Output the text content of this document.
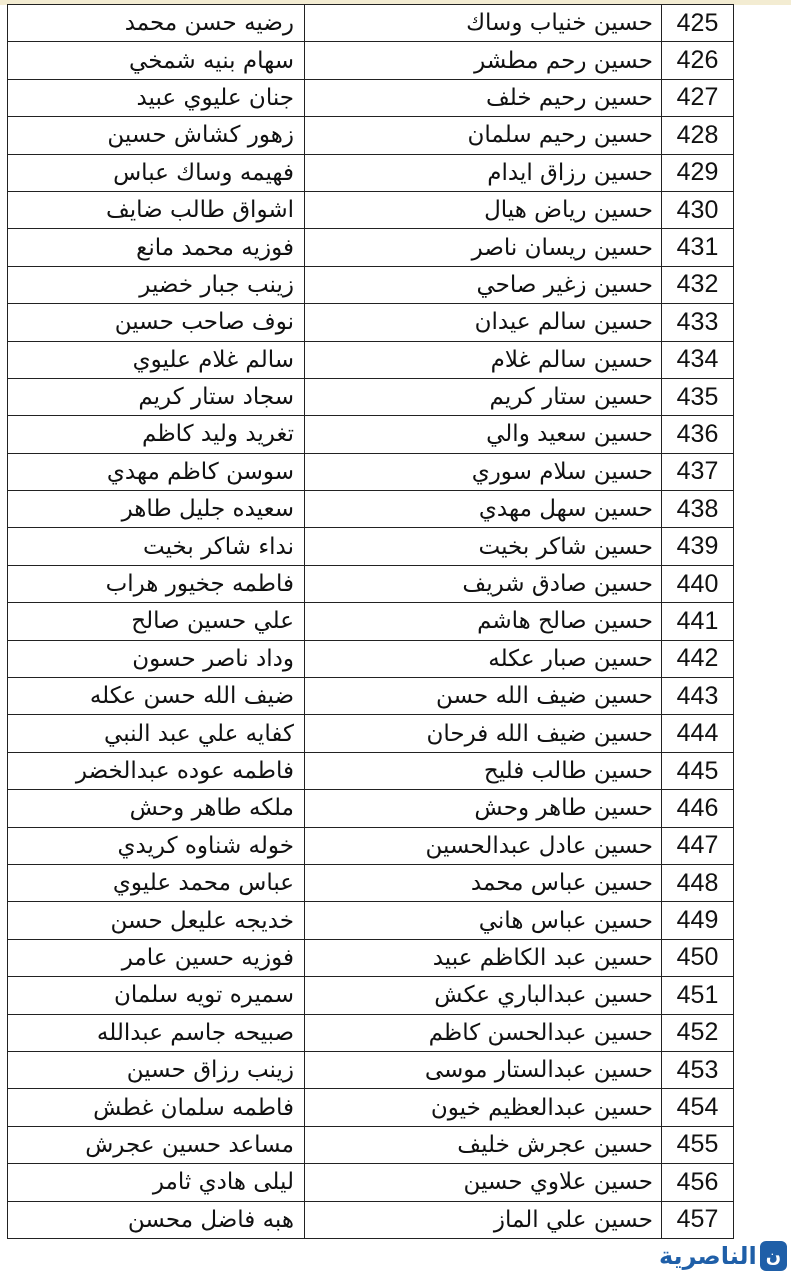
رضيه حسن محمد	حسين خنياب وساك	425
سهام بنيه شمخي	حسين رحم مطشر	426
جنان عليوي عبيد	حسين رحيم خلف	427
زهور كشاش حسين	حسين رحيم سلمان	428
فهيمه وساك عباس	حسين رزاق ايدام	429
اشواق طالب ضايف	حسين رياض هيال	430
فوزيه محمد مانع	حسين ريسان ناصر	431
زينب جبار خضير	حسين زغير صاحي	432
نوف صاحب حسين	حسين سالم عيدان	433
سالم غلام عليوي	حسين سالم غلام	434
سجاد ستار كريم	حسين ستار كريم	435
تغريد وليد كاظم	حسين سعيد والي	436
سوسن كاظم مهدي	حسين سلام سوري	437
سعيده جليل طاهر	حسين سهل مهدي	438
نداء شاكر بخيت	حسين شاكر بخيت	439
فاطمه جخيور هراب	حسين صادق شريف	440
علي حسين صالح	حسين صالح هاشم	441
وداد ناصر حسون	حسين صبار عكله	442
ضيف الله حسن عكله	حسين ضيف الله حسن	443
كفايه علي عبد النبي	حسين ضيف الله فرحان	444
فاطمه عوده عبدالخضر	حسين طالب فليح	445
ملكه طاهر وحش	حسين طاهر وحش	446
خوله شناوه كريدي	حسين عادل عبدالحسين	447
عباس محمد عليوي	حسين عباس محمد	448
خديجه عليعل حسن	حسين عباس هاني	449
فوزيه حسين عامر	حسين عبد الكاظم عبيد	450
سميره تويه سلمان	حسين عبدالباري عكش	451
صبيحه جاسم عبدالله	حسين عبدالحسن كاظم	452
زينب رزاق حسين	حسين عبدالستار موسى	453
فاطمه سلمان غطش	حسين عبدالعظيم خيون	454
مساعد حسين عجرش	حسين عجرش خليف	455
ليلى هادي ثامر	حسين علاوي حسين	456
هبه فاضل محسن	حسين علي الماز	457
ن
الناصرية
